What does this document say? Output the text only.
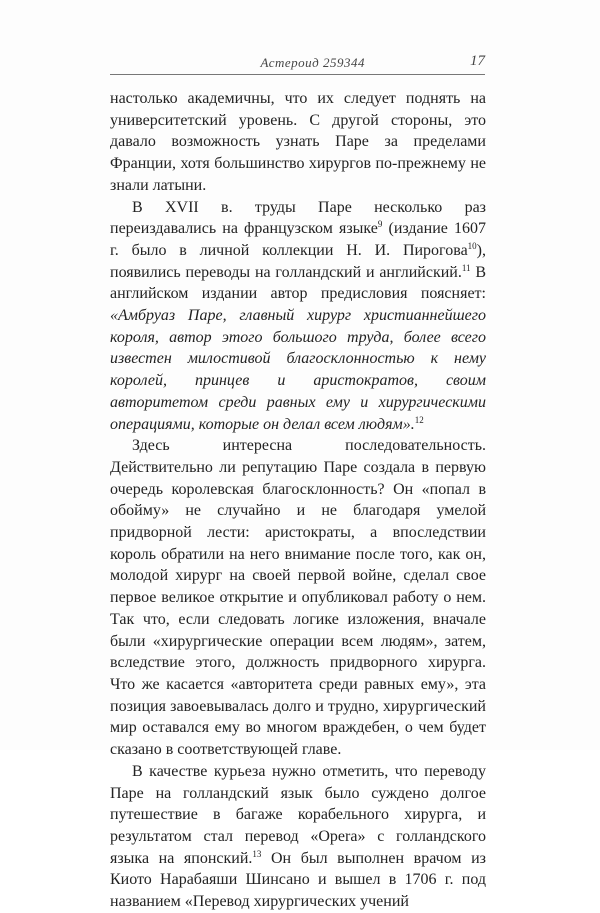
Астероид 259344	17

настолько академичны, что их следует поднять на университетский уровень. С другой стороны, это давало возможность узнать Паре за пределами Франции, хотя большинство хирургов по-прежнему не знали латыни.

В XVII в. труды Паре несколько раз переиздавались на французском языке$^9$ (издание 1607 г. было в личной коллекции Н. И. Пирогова$^{10}$), появились переводы на голландский и английский.$^{11}$ В английском издании автор предисловия поясняет: «Амбруаз Паре, главный хирург христианнейшего короля, автор этого большого труда, более всего известен милостивой благосклонностью к нему королей, принцев и аристократов, своим авторитетом среди равных ему и хирургическими операциями, которые он делал всем людям».$^{12}$

Здесь интересна последовательность. Действительно ли репутацию Паре создала в первую очередь королевская благосклонность? Он «попал в обойму» не случайно и не благодаря умелой придворной лести: аристократы, а впоследствии король обратили на него внимание после того, как он, молодой хирург на своей первой войне, сделал свое первое великое открытие и опубликовал работу о нем. Так что, если следовать логике изложения, вначале были «хирургические операции всем людям», затем, вследствие этого, должность придворного хирурга. Что же касается «авторитета среди равных ему», эта позиция завоевывалась долго и трудно, хирургический мир оставался ему во многом враждебен, о чем будет сказано в соответствующей главе.

В качестве курьеза нужно отметить, что переводу Паре на голландский язык было суждено долгое путешествие в багаже корабельного хирурга, и результатом стал перевод «Opera» с голландского языка на японский.$^{13}$ Он был выполнен врачом из Киото Нарабаяши Шинсано и вышел в 1706 г. под названием «Перевод хирургических учений
